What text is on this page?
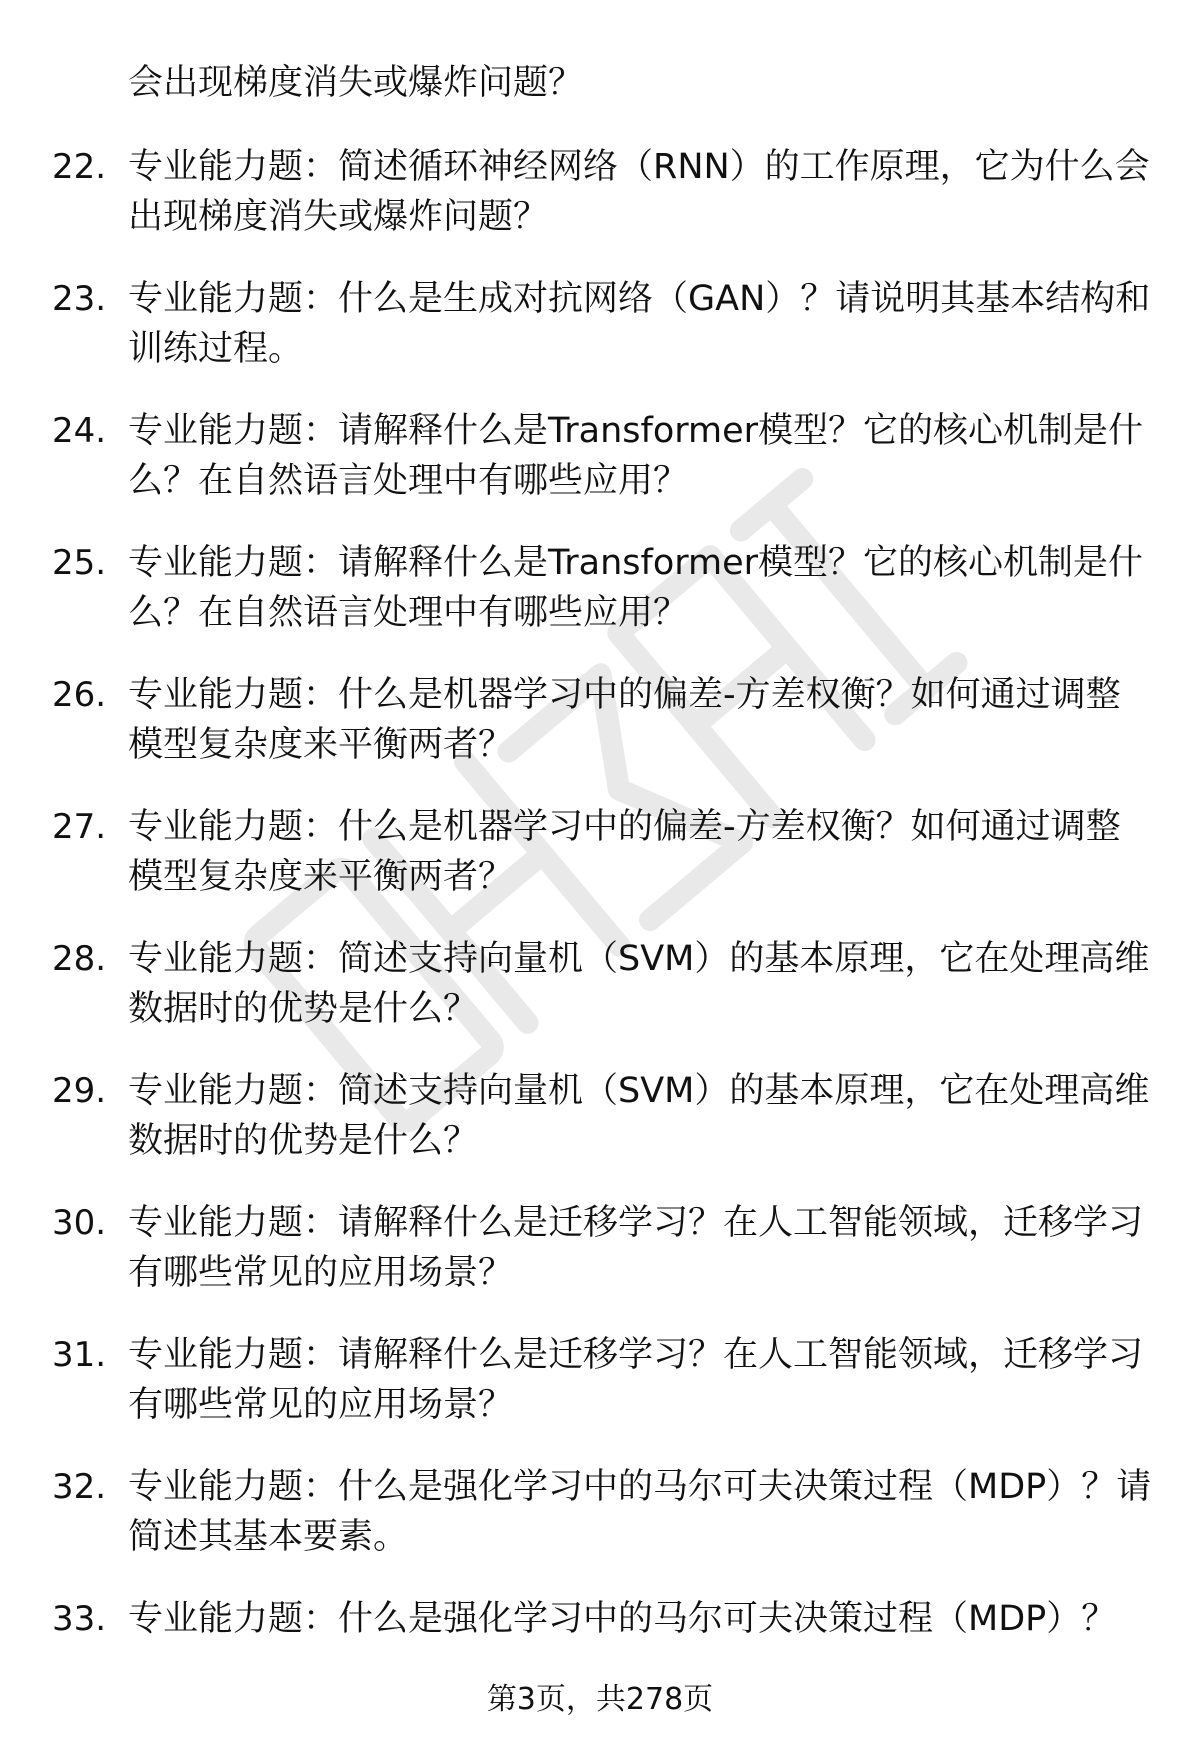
会出现梯度消失或爆炸问题？

22. 专业能力题：简述循环神经网络（RNN）的工作原理，它为什么会出现梯度消失或爆炸问题？

23. 专业能力题：什么是生成对抗网络（GAN）？请说明其基本结构和训练过程。

24. 专业能力题：请解释什么是Transformer模型？它的核心机制是什么？在自然语言处理中有哪些应用？

25. 专业能力题：请解释什么是Transformer模型？它的核心机制是什么？在自然语言处理中有哪些应用？

26. 专业能力题：什么是机器学习中的偏差-方差权衡？如何通过调整模型复杂度来平衡两者？

27. 专业能力题：什么是机器学习中的偏差-方差权衡？如何通过调整模型复杂度来平衡两者？

28. 专业能力题：简述支持向量机（SVM）的基本原理，它在处理高维数据时的优势是什么？

29. 专业能力题：简述支持向量机（SVM）的基本原理，它在处理高维数据时的优势是什么？

30. 专业能力题：请解释什么是迁移学习？在人工智能领域，迁移学习有哪些常见的应用场景？

31. 专业能力题：请解释什么是迁移学习？在人工智能领域，迁移学习有哪些常见的应用场景？

32. 专业能力题：什么是强化学习中的马尔可夫决策过程（MDP）？请简述其基本要素。

33. 专业能力题：什么是强化学习中的马尔可夫决策过程（MDP）？

第3页，共278页
